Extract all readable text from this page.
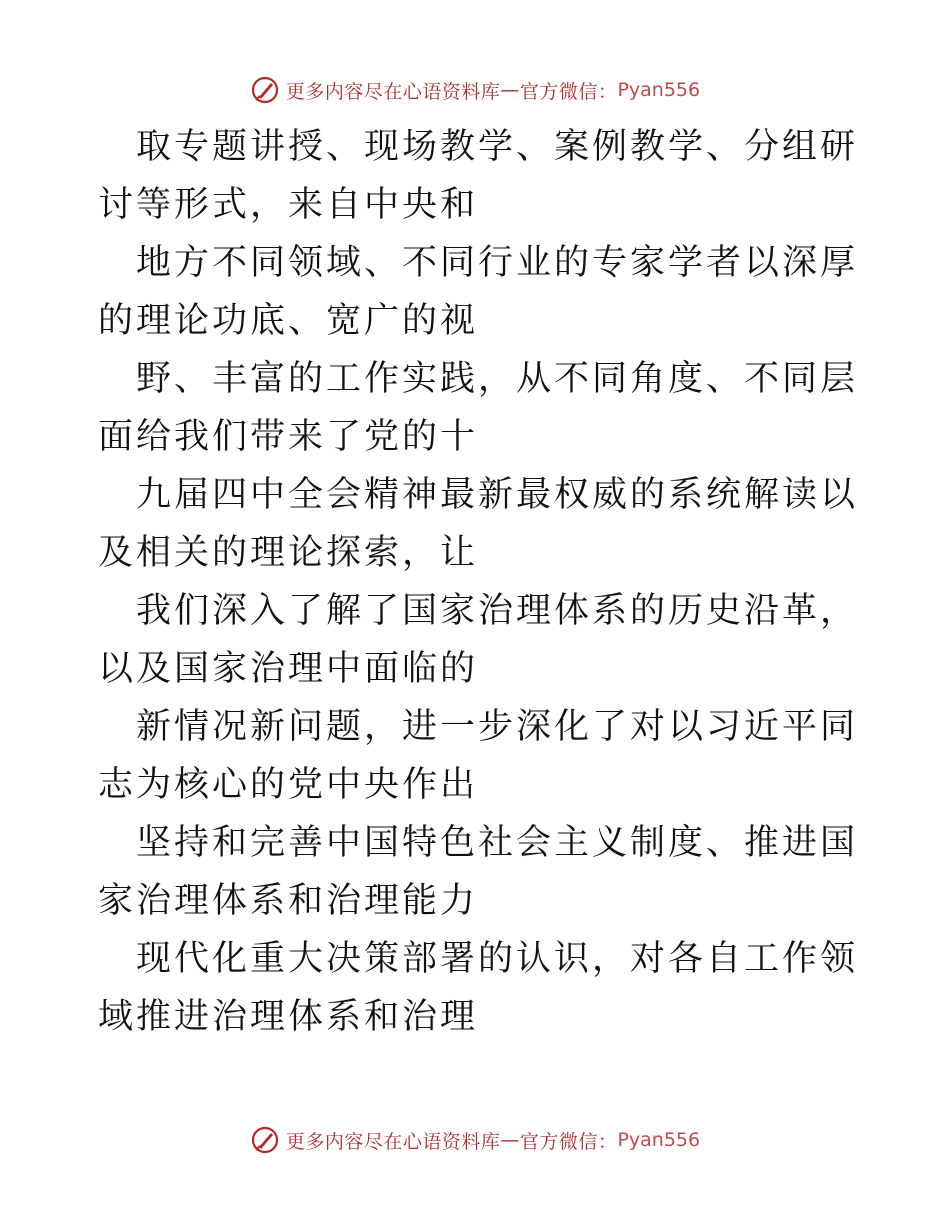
更多内容尽在心语资料库 — 官方微信： Pyan556

取专题讲授、现场教学、案例教学、分组研讨等形式，来自中央和

地方不同领域、不同行业的专家学者以深厚的理论功底、宽广的视

野、丰富的工作实践，从不同角度、不同层面给我们带来了党的十

九届四中全会精神最新最权威的系统解读以及相关的理论探索，让

我们深入了解了国家治理体系的历史沿革，以及国家治理中面临的

新情况新问题，进一步深化了对以习近平同志为核心的党中央作出

坚持和完善中国特色社会主义制度、推进国家治理体系和治理能力

现代化重大决策部署的认识，对各自工作领域推进治理体系和治理

更多内容尽在心语资料库 — 官方微信： Pyan556
